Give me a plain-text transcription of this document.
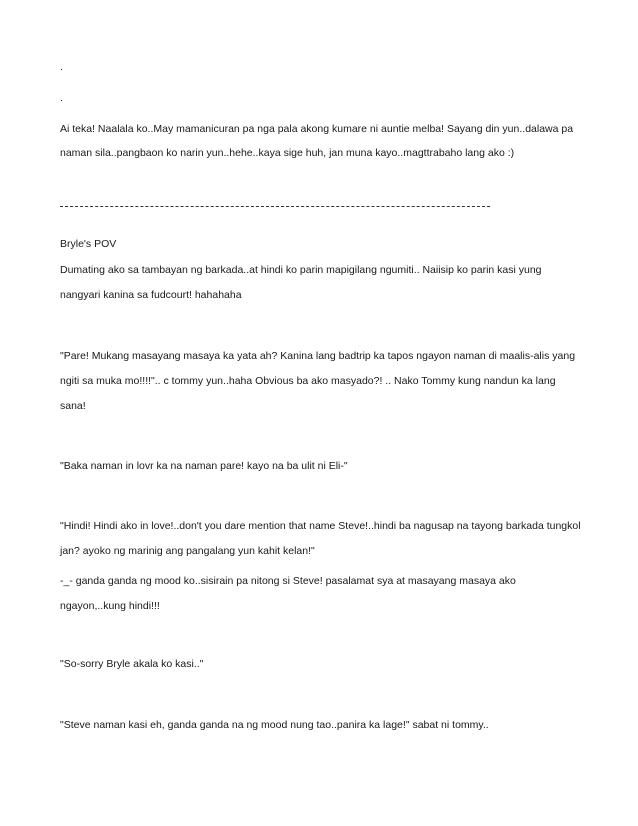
.
.
Ai teka! Naalala ko..May mamanicuran pa nga pala akong kumare ni auntie melba! Sayang din yun..dalawa pa
naman sila..pangbaon ko narin yun..hehe..kaya sige huh, jan muna kayo..magttrabaho lang ako :)
Bryle's POV
Dumating ako sa tambayan ng barkada..at hindi ko parin mapigilang ngumiti.. Naiisip ko parin kasi yung
nangyari kanina sa fudcourt! hahahaha
"Pare! Mukang masayang masaya ka yata ah? Kanina lang badtrip ka tapos ngayon naman di maalis-alis yang
ngiti sa muka mo!!!!".. c tommy yun..haha Obvious ba ako masyado?! .. Nako Tommy kung nandun ka lang
sana!
"Baka naman in lovr ka na naman pare! kayo na ba ulit ni Eli-"
"Hindi! Hindi ako in love!..don't you dare mention that name Steve!..hindi ba nagusap na tayong barkada tungkol
jan? ayoko ng marinig ang pangalang yun kahit kelan!"
-_- ganda ganda ng mood ko..sisirain pa nitong si Steve! pasalamat sya at masayang masaya ako
ngayon,..kung hindi!!!
"So-sorry Bryle akala ko kasi.."
"Steve naman kasi eh, ganda ganda na ng mood nung tao..panira ka lage!" sabat ni tommy..
